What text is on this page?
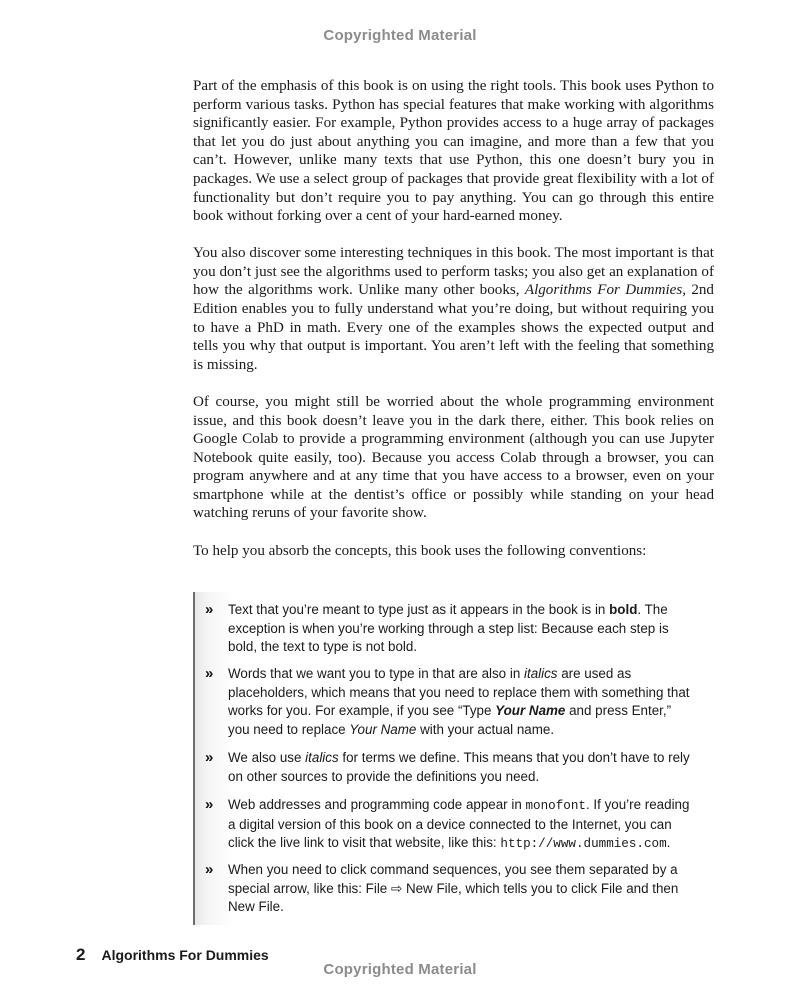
Copyrighted Material

Part of the emphasis of this book is on using the right tools. This book uses Python to perform various tasks. Python has special features that make working with algorithms significantly easier. For example, Python provides access to a huge array of packages that let you do just about anything you can imagine, and more than a few that you can’t. However, unlike many texts that use Python, this one doesn’t bury you in packages. We use a select group of packages that provide great flexibility with a lot of functionality but don’t require you to pay anything. You can go through this entire book without forking over a cent of your hard-earned money.

You also discover some interesting techniques in this book. The most important is that you don’t just see the algorithms used to perform tasks; you also get an explanation of how the algorithms work. Unlike many other books, Algorithms For Dummies, 2nd Edition enables you to fully understand what you’re doing, but without requiring you to have a PhD in math. Every one of the examples shows the expected output and tells you why that output is important. You aren’t left with the feeling that something is missing.

Of course, you might still be worried about the whole programming environment issue, and this book doesn’t leave you in the dark there, either. This book relies on Google Colab to provide a programming environment (although you can use Jupyter Notebook quite easily, too). Because you access Colab through a browser, you can program anywhere and at any time that you have access to a browser, even on your smartphone while at the dentist’s office or possibly while standing on your head watching reruns of your favorite show.

To help you absorb the concepts, this book uses the following conventions:

» Text that you’re meant to type just as it appears in the book is in bold. The exception is when you’re working through a step list: Because each step is bold, the text to type is not bold.
» Words that we want you to type in that are also in italics are used as placeholders, which means that you need to replace them with something that works for you. For example, if you see “Type Your Name and press Enter,” you need to replace Your Name with your actual name.
» We also use italics for terms we define. This means that you don’t have to rely on other sources to provide the definitions you need.
» Web addresses and programming code appear in monofont. If you’re reading a digital version of this book on a device connected to the Internet, you can click the live link to visit that website, like this: http://www.dummies.com.
» When you need to click command sequences, you see them separated by a special arrow, like this: File ⇨ New File, which tells you to click File and then New File.
2 Algorithms For Dummies
Copyrighted Material
